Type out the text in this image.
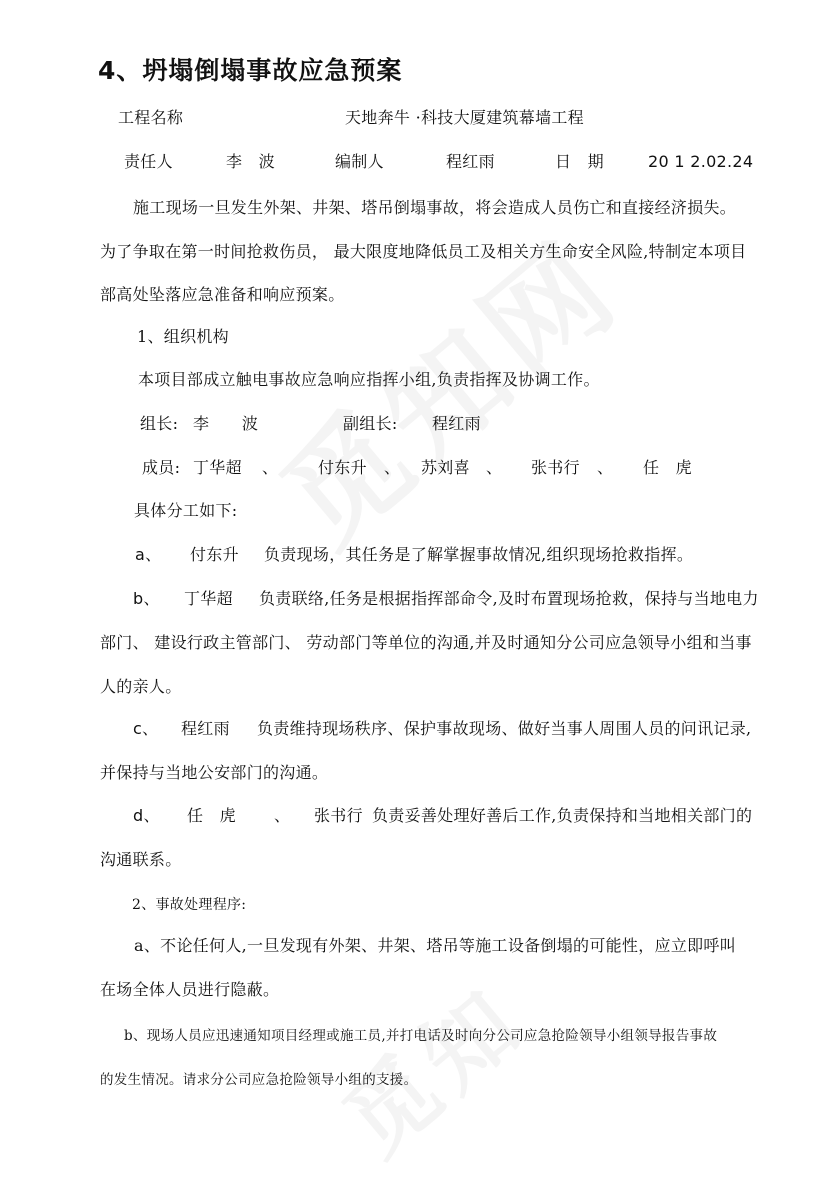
4、坍塌倒塌事故应急预案
工程名称	天地奔牛 ·科技大厦建筑幕墙工程
责任人	李　波	编制人	程红雨	日　期	20 1 2.02.24
施工现场一旦发生外架、井架、塔吊倒塌事故，将会造成人员伤亡和直接经济损失。
为了争取在第一时间抢救伤员， 最大限度地降低员工及相关方生命安全风险,特制定本项目
部高处坠落应急准备和响应预案。
1、组织机构
本项目部成立触电事故应急响应指挥小组,负责指挥及协调工作。
组长: 李　　波	副组长: 程红雨
成员: 丁华超 、 付东升 、 苏刘喜 、 张书行 、 任　虎
具体分工如下:
a、 付东升 负责现场，其任务是了解掌握事故情况,组织现场抢救指挥。
b、 丁华超 负责联络,任务是根据指挥部命令,及时布置现场抢救，保持与当地电力
部门、 建设行政主管部门、 劳动部门等单位的沟通,并及时通知分公司应急领导小组和当事
人的亲人。
c、 程红雨 负责维持现场秩序、保护事故现场、做好当事人周围人员的问讯记录,
并保持与当地公安部门的沟通。
d、 任　虎 、 张书行 负责妥善处理好善后工作,负责保持和当地相关部门的
沟通联系。
2、事故处理程序:
a、不论任何人,一旦发现有外架、井架、塔吊等施工设备倒塌的可能性，应立即呼叫
在场全体人员进行隐蔽。
b、现场人员应迅速通知项目经理或施工员,并打电话及时向分公司应急抢险领导小组领导报告事故
的发生情况。请求分公司应急抢险领导小组的支援。
